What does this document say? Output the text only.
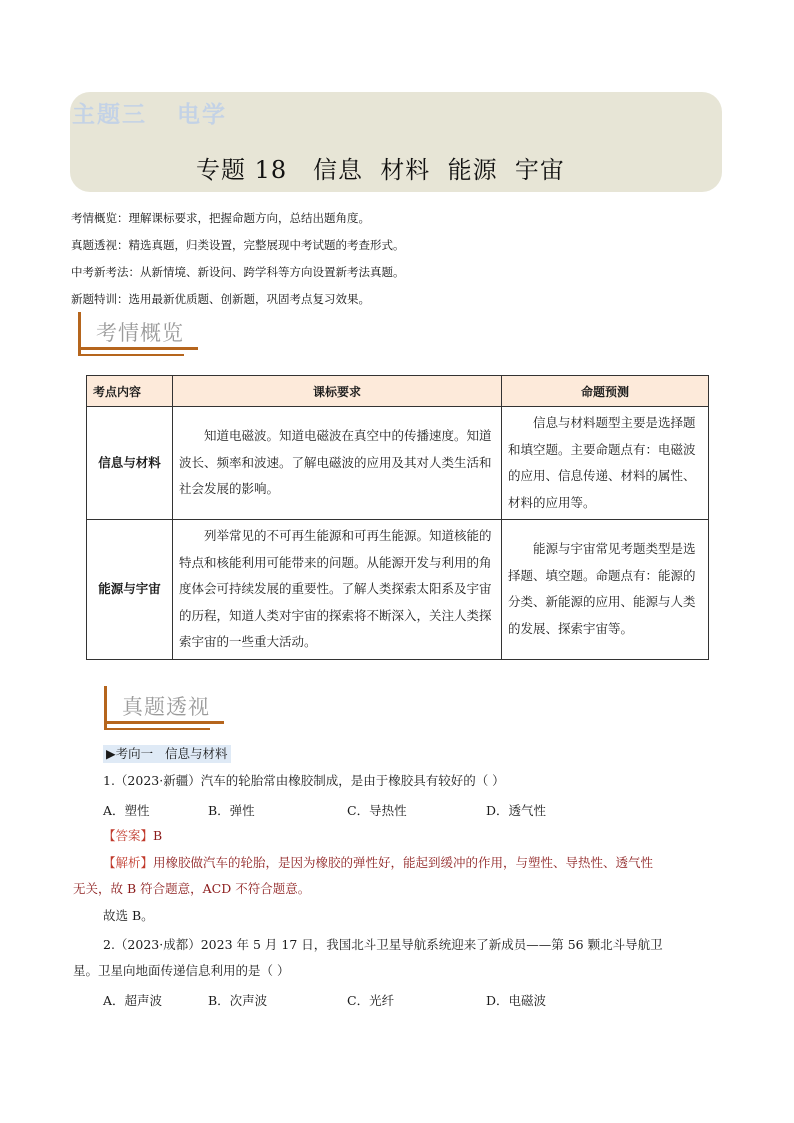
主题三   电学
专题 18   信息  材料  能源  宇宙
考情概览：理解课标要求，把握命题方向，总结出题角度。
真题透视：精选真题，归类设置，完整展现中考试题的考查形式。
中考新考法：从新情境、新设问、跨学科等方向设置新考法真题。
新题特训：选用最新优质题、创新题，巩固考点复习效果。
考情概览
考点内容	课标要求	命题预测
信息与材料	知道电磁波。知道电磁波在真空中的传播速度。知道波长、频率和波速。了解电磁波的应用及其对人类生活和社会发展的影响。	信息与材料题型主要是选择题和填空题。主要命题点有：电磁波的应用、信息传递、材料的属性、材料的应用等。
能源与宇宙	列举常见的不可再生能源和可再生能源。知道核能的特点和核能利用可能带来的问题。从能源开发与利用的角度体会可持续发展的重要性。了解人类探索太阳系及宇宙的历程，知道人类对宇宙的探索将不断深入，关注人类探索宇宙的一些重大活动。	能源与宇宙常见考题类型是选择题、填空题。命题点有：能源的分类、新能源的应用、能源与人类的发展、探索宇宙等。
真题透视
▶考向一   信息与材料
1.（2023·新疆）汽车的轮胎常由橡胶制成，是由于橡胶具有较好的（ ）
A．塑性	B．弹性	C．导热性	D．透气性
【答案】B
【解析】用橡胶做汽车的轮胎，是因为橡胶的弹性好，能起到缓冲的作用，与塑性、导热性、透气性
无关，故 B 符合题意，ACD 不符合题意。
故选 B。
2.（2023·成都）2023 年 5 月 17 日，我国北斗卫星导航系统迎来了新成员——第 56 颗北斗导航卫
星。卫星向地面传递信息利用的是（ ）
A．超声波	B．次声波	C．光纤	D．电磁波
